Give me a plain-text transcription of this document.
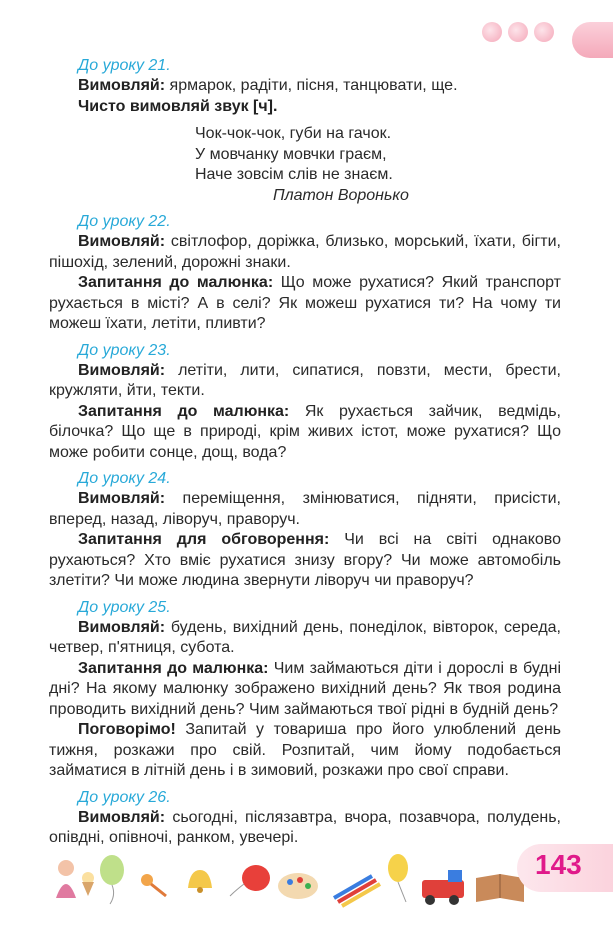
До уроку 21.

Вимовляй: ярмарок, радіти, пісня, танцювати, ще.

Чисто вимовляй звук [ч].

Чок-чок-чок, губи на гачок.
У мовчанку мовчки граєм,
Наче зовсім слів не знаєм.
Платон Воронько
До уроку 22.

Вимовляй: світлофор, доріжка, близько, морський, їхати, бігти, пішохід, зелений, дорожні знаки.

Запитання до малюнка: Що може рухатися? Який транспорт рухається в місті? А в селі? Як можеш рухатися ти? На чому ти можеш їхати, летіти, пливти?

До уроку 23.

Вимовляй: летіти, лити, сипатися, повзти, мести, брести, кружляти, йти, текти.

Запитання до малюнка: Як рухається зайчик, ведмідь, білочка? Що ще в природі, крім живих істот, може рухатися? Що може робити сонце, дощ, вода?

До уроку 24.

Вимовляй: переміщення, змінюватися, підняти, присісти, вперед, назад, ліворуч, праворуч.

Запитання для обговорення: Чи всі на світі однаково рухаються? Хто вміє рухатися знизу вгору? Чи може автомобіль злетіти? Чи може людина звернути ліворуч чи праворуч?

До уроку 25.

Вимовляй: будень, вихідний день, понеділок, вівторок, середа, четвер, п'ятниця, субота.

Запитання до малюнка: Чим займаються діти і дорослі в будні дні? На якому малюнку зображено вихідний день? Як твоя родина проводить вихідний день? Чим займаються твої рідні в будній день?

Поговорімо! Запитай у товариша про його улюблений день тижня, розкажи про свій. Розпитай, чим йому подобається займатися в літній день і в зимовий, розкажи про свої справи.

До уроку 26.

Вимовляй: сьогодні, післязавтра, вчора, позавчора, полудень, опівдні, опівночі, ранком, увечері.

143
